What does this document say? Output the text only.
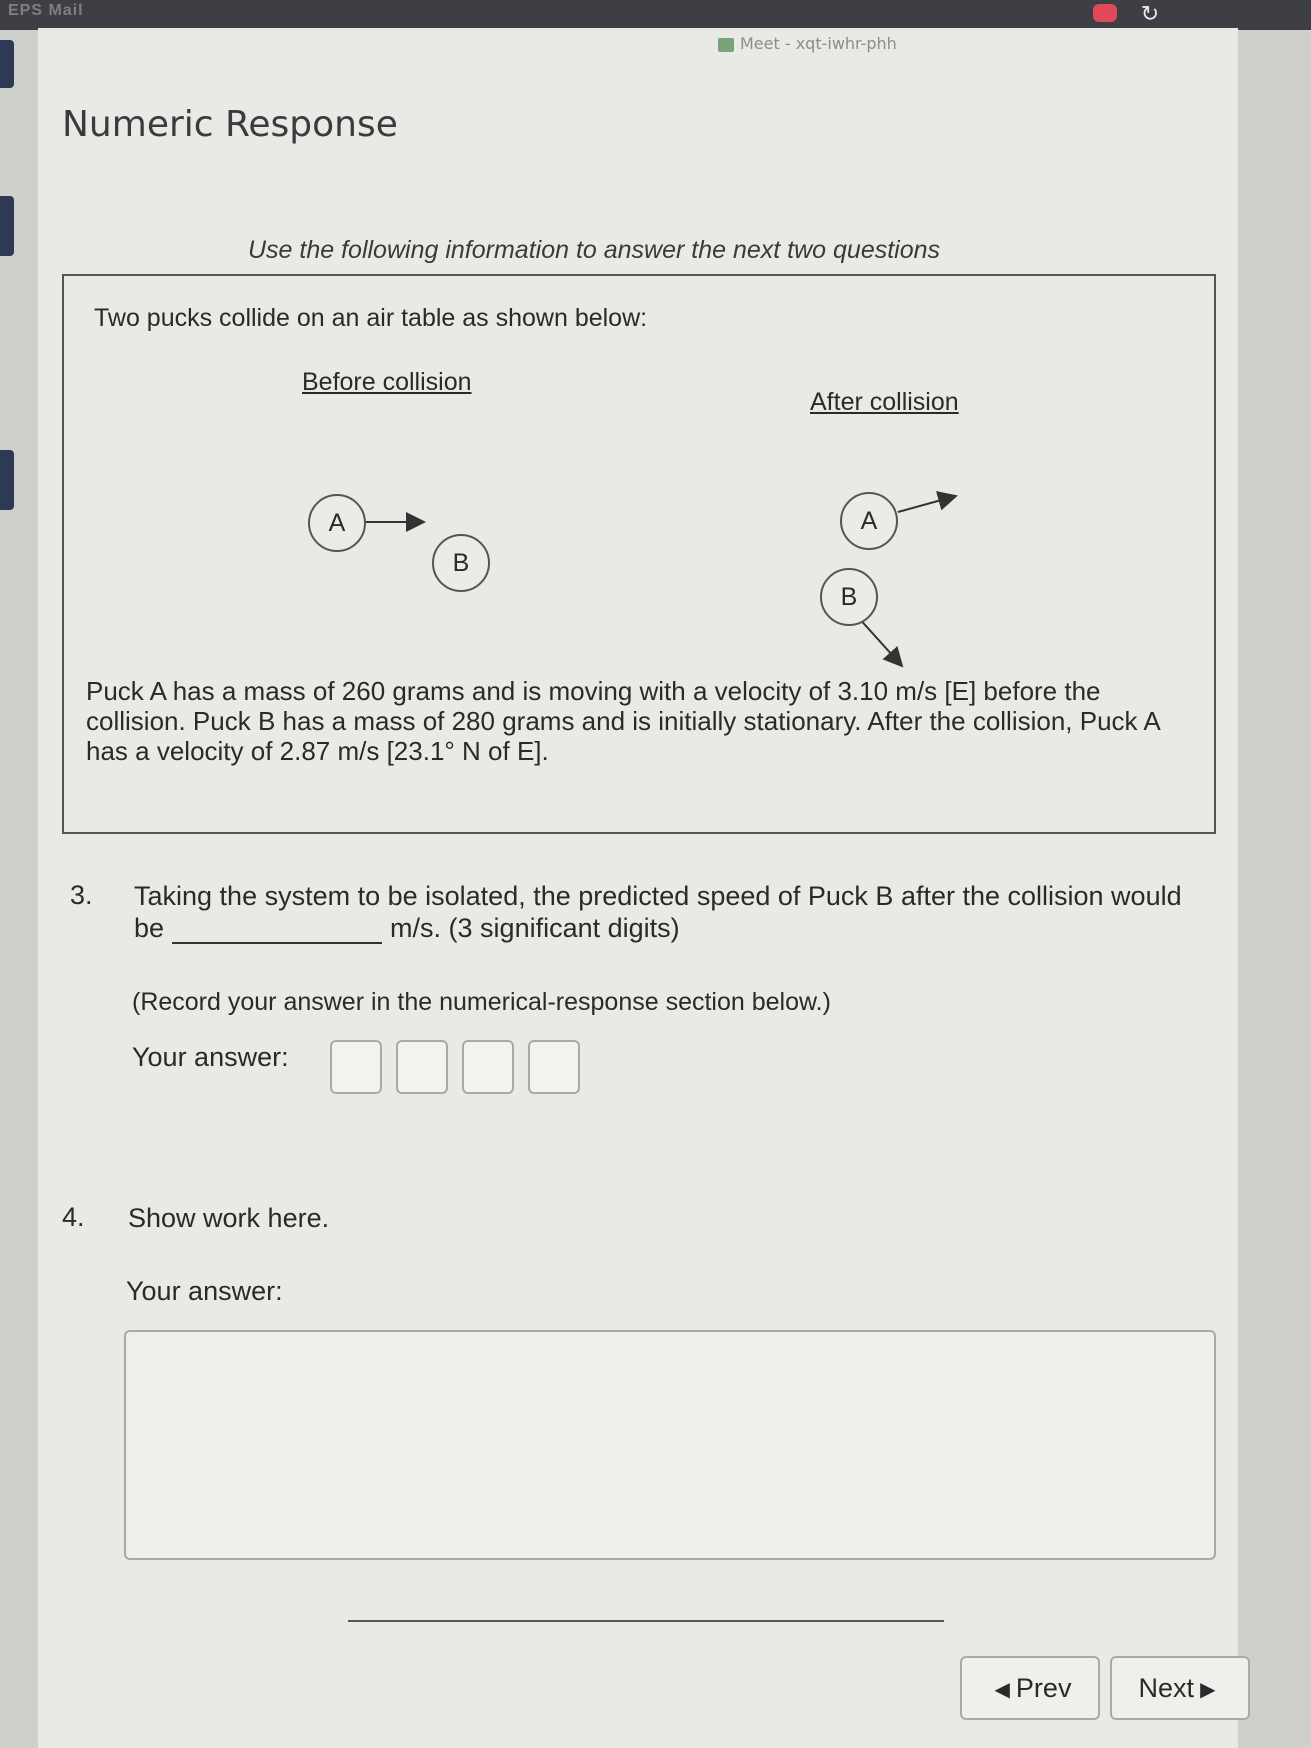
EPS Mail	↻
Meet - xqt-iwhr-phh
Numeric Response
Use the following information to answer the next two questions
Two pucks collide on an air table as shown below:
Before collision
After collision
A
B
A
B
Puck A has a mass of 260 grams and is moving with a velocity of 3.10 m/s [E] before the collision. Puck B has a mass of 280 grams and is initially stationary. After the collision, Puck A has a velocity of 2.87 m/s [23.1° N of E].
3. Taking the system to be isolated, the predicted speed of Puck B after the collision would be	m/s. (3 significant digits)
(Record your answer in the numerical-response section below.)
Your answer:
4. Show work here.
Your answer:
◀ Prev	Next ▶
